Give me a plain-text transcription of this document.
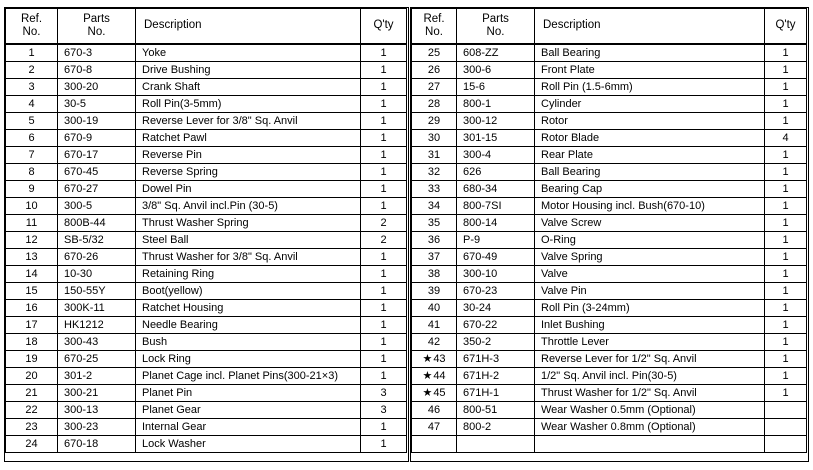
Ref.
No.	Parts
No.	Description	Q'ty
1	670-3	Yoke	1
2	670-8	Drive Bushing	1
3	300-20	Crank Shaft	1
4	30-5	Roll Pin(3-5mm)	1
5	300-19	Reverse Lever for 3/8" Sq. Anvil	1
6	670-9	Ratchet Pawl	1
7	670-17	Reverse Pin	1
8	670-45	Reverse Spring	1
9	670-27	Dowel Pin	1
10	300-5	3/8" Sq. Anvil incl.Pin (30-5)	1
11	800B-44	Thrust Washer Spring	2
12	SB-5/32	Steel Ball	2
13	670-26	Thrust Washer for 3/8" Sq. Anvil	1
14	10-30	Retaining Ring	1
15	150-55Y	Boot(yellow)	1
16	300K-11	Ratchet Housing	1
17	HK1212	Needle Bearing	1
18	300-43	Bush	1
19	670-25	Lock Ring	1
20	301-2	Planet Cage incl. Planet Pins(300-21×3)	1
21	300-21	Planet Pin	3
22	300-13	Planet Gear	3
23	300-23	Internal Gear	1
24	670-18	Lock Washer	1
Ref.
No.	Parts
No.	Description	Q'ty
25	608-ZZ	Ball Bearing	1
26	300-6	Front Plate	1
27	15-6	Roll Pin (1.5-6mm)	1
28	800-1	Cylinder	1
29	300-12	Rotor	1
30	301-15	Rotor Blade	4
31	300-4	Rear Plate	1
32	626	Ball Bearing	1
33	680-34	Bearing Cap	1
34	800-7SI	Motor Housing incl. Bush(670-10)	1
35	800-14	Valve Screw	1
36	P-9	O-Ring	1
37	670-49	Valve Spring	1
38	300-10	Valve	1
39	670-23	Valve Pin	1
40	30-24	Roll Pin (3-24mm)	1
41	670-22	Inlet Bushing	1
42	350-2	Throttle Lever	1
★43	671H-3	Reverse Lever for 1/2" Sq. Anvil	1
★44	671H-2	1/2" Sq. Anvil incl. Pin(30-5)	1
★45	671H-1	Thrust Washer for 1/2" Sq. Anvil	1
46	800-51	Wear Washer 0.5mm (Optional)	
47	800-2	Wear Washer 0.8mm (Optional)	
